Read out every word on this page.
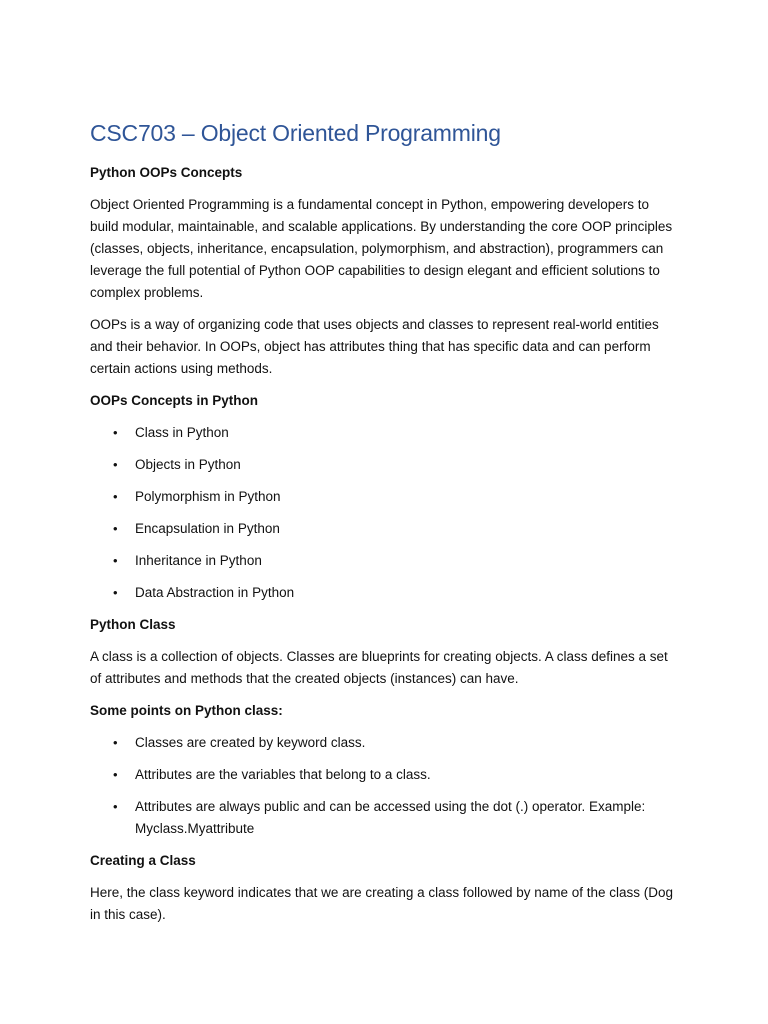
CSC703 – Object Oriented Programming
Python OOPs Concepts

Object Oriented Programming is a fundamental concept in Python, empowering developers to build modular, maintainable, and scalable applications. By understanding the core OOP principles (classes, objects, inheritance, encapsulation, polymorphism, and abstraction), programmers can leverage the full potential of Python OOP capabilities to design elegant and efficient solutions to complex problems.

OOPs is a way of organizing code that uses objects and classes to represent real-world entities and their behavior. In OOPs, object has attributes thing that has specific data and can perform certain actions using methods.

OOPs Concepts in Python
• Class in Python
• Objects in Python
• Polymorphism in Python
• Encapsulation in Python
• Inheritance in Python
• Data Abstraction in Python
Python Class

A class is a collection of objects. Classes are blueprints for creating objects. A class defines a set of attributes and methods that the created objects (instances) can have.

Some points on Python class:
• Classes are created by keyword class.
• Attributes are the variables that belong to a class.
• Attributes are always public and can be accessed using the dot (.) operator. Example: Myclass.Myattribute
Creating a Class

Here, the class keyword indicates that we are creating a class followed by name of the class (Dog in this case).
